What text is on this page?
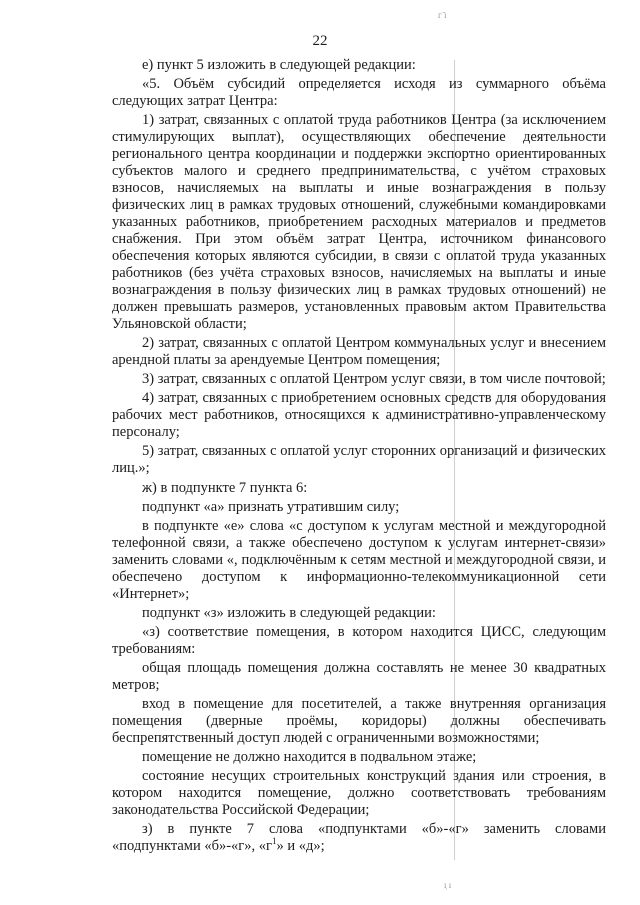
г ̄ı
22

е) пункт 5 изложить в следующей редакции:

«5. Объём субсидий определяется исходя из суммарного объёма следующих затрат Центра:

1) затрат, связанных с оплатой труда работников Центра (за исключением стимулирующих выплат), осуществляющих обеспечение деятельности регионального центра координации и поддержки экспортно ориентированных субъектов малого и среднего предпринимательства, с учётом страховых взносов, начисляемых на выплаты и иные вознаграждения в пользу физических лиц в рамках трудовых отношений, служебными командировками указанных работников, приобретением расходных материалов и предметов снабжения. При этом объём затрат Центра, источником финансового обеспечения которых являются субсидии, в связи с оплатой труда указанных работников (без учёта страховых взносов, начисляемых на выплаты и иные вознаграждения в пользу физических лиц в рамках трудовых отношений) не должен превышать размеров, установленных правовым актом Правительства Ульяновской области;

2) затрат, связанных с оплатой Центром коммунальных услуг и внесением арендной платы за арендуемые Центром помещения;

3) затрат, связанных с оплатой Центром услуг связи, в том числе почтовой;

4) затрат, связанных с приобретением основных средств для оборудования рабочих мест работников, относящихся к административно-управленческому персоналу;

5) затрат, связанных с оплатой услуг сторонних организаций и физических лиц.»;

ж) в подпункте 7 пункта 6:

подпункт «а» признать утратившим силу;

в подпункте «е» слова «с доступом к услугам местной и междугородной телефонной связи, а также обеспечено доступом к услугам интернет-связи» заменить словами «, подключённым к сетям местной и междугородной связи, и обеспечено доступом к информационно-телекоммуникационной сети «Интернет»;

подпункт «з» изложить в следующей редакции:

«з) соответствие помещения, в котором находится ЦИСС, следующим требованиям:

общая площадь помещения должна составлять не менее 30 квадратных метров;

вход в помещение для посетителей, а также внутренняя организация помещения (дверные проёмы, коридоры) должны обеспечивать беспрепятственный доступ людей с ограниченными возможностями;

помещение не должно находится в подвальном этаже;

состояние несущих строительных конструкций здания или строения, в котором находится помещение, должно соответствовать требованиям законодательства Российской Федерации;

з) в пункте 7 слова «подпунктами «б»-«г» заменить словами «подпунктами «б»-«г», «$г^1$» и «д»;

ı̣ ı
